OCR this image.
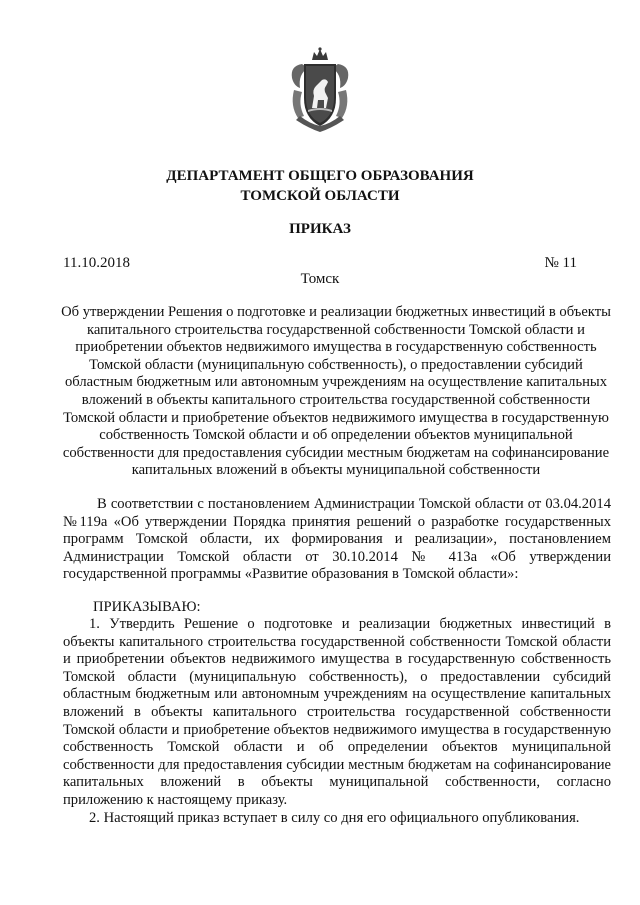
ДЕПАРТАМЕНТ ОБЩЕГО ОБРАЗОВАНИЯ
ТОМСКОЙ ОБЛАСТИ
ПРИКАЗ
11.10.2018	№ 11
Томск
Об утверждении Решения о подготовке и реализации бюджетных инвестиций в объекты капитального строительства государственной собственности Томской области и приобретении объектов недвижимого имущества в государственную собственность Томской области (муниципальную собственность), о предоставлении субсидий областным бюджетным или автономным учреждениям на осуществление капитальных вложений в объекты капитального строительства государственной собственности Томской области и приобретение объектов недвижимого имущества в государственную собственность Томской области и об определении объектов муниципальной собственности для предоставления субсидии местным бюджетам на софинансирование капитальных вложений в объекты муниципальной собственности
В соответствии с постановлением Администрации Томской области от 03.04.2014 №119а «Об утверждении Порядка принятия решений о разработке государственных программ Томской области, их формирования и реализации», постановлением Администрации Томской области от 30.10.2014 № 413а «Об утверждении государственной программы «Развитие образования в Томской области»:
ПРИКАЗЫВАЮ:

1. Утвердить Решение о подготовке и реализации бюджетных инвестиций в объекты капитального строительства государственной собственности Томской области и приобретении объектов недвижимого имущества в государственную собственность Томской области (муниципальную собственность), о предоставлении субсидий областным бюджетным или автономным учреждениям на осуществление капитальных вложений в объекты капитального строительства государственной собственности Томской области и приобретение объектов недвижимого имущества в государственную собственность Томской области и об определении объектов муниципальной собственности для предоставления субсидии местным бюджетам на софинансирование капитальных вложений в объекты муниципальной собственности, согласно приложению к настоящему приказу.

2. Настоящий приказ вступает в силу со дня его официального опубликования.
